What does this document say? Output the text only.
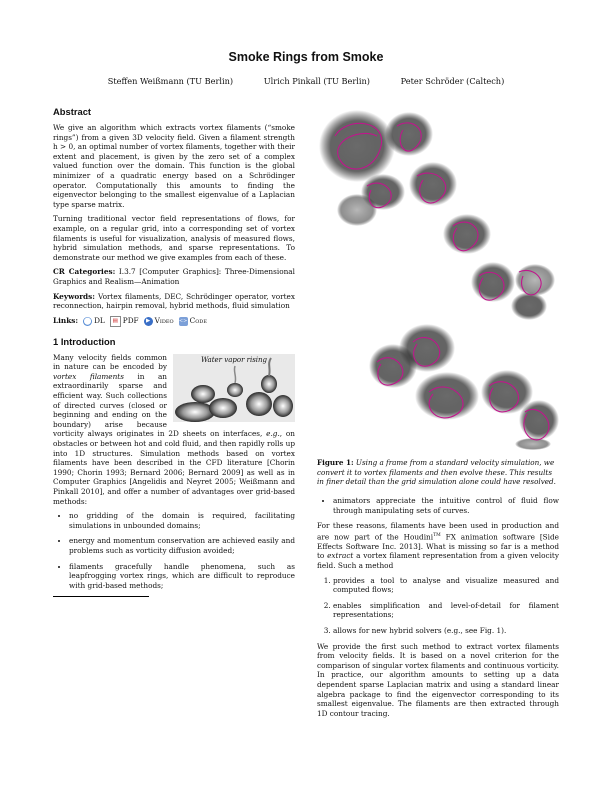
Smoke Rings from Smoke
Steffen Weißmann (TU Berlin)	Ulrich Pinkall (TU Berlin)	Peter Schröder (Caltech)
Abstract

We give an algorithm which extracts vortex filaments (“smoke rings”) from a given 3D velocity field. Given a filament strength h > 0, an optimal number of vortex filaments, together with their extent and placement, is given by the zero set of a complex valued function over the domain. This function is the global minimizer of a quadratic energy based on a Schrödinger operator. Computationally this amounts to finding the eigenvector belonging to the smallest eigenvalue of a Laplacian type sparse matrix.

Turning traditional vector field representations of flows, for example, on a regular grid, into a corresponding set of vortex filaments is useful for visualization, analysis of measured flows, hybrid simulation methods, and sparse representations. To demonstrate our method we give examples from each of these.

CR Categories: I.3.7 [Computer Graphics]: Three-Dimensional Graphics and Realism—Animation

Keywords: Vortex filaments, DEC, Schrödinger operator, vortex reconnection, hairpin removal, hybrid methods, fluid simulation

Links: ⬤ DL	▤ PDF	▶ Video <> Code
1 Introduction
Water vapor rising

Many velocity fields common in nature can be encoded by vortex filaments in an extraordinarily sparse and efficient way. Such collections of directed curves (closed or beginning and ending on the boundary) arise because vorticity always originates in 2D sheets on interfaces, e.g., on obstacles or between hot and cold fluid, and then rapidly rolls up into 1D structures. Simulation methods based on vortex filaments have been described in the CFD literature [Chorin 1990; Chorin 1993; Bernard 2006; Bernard 2009] as well as in Computer Graphics [Angelidis and Neyret 2005; Weißmann and Pinkall 2010], and offer a number of advantages over grid-based methods:

• no gridding of the domain is required, facilitating simulations in unbounded domains;
• energy and momentum conservation are achieved easily and problems such as vorticity diffusion avoided;
• filaments gracefully handle phenomena, such as leapfrogging vortex rings, which are difficult to reproduce with grid-based methods;
Figure 1: Using a frame from a standard velocity simulation, we convert it to vortex filaments and then evolve these. This results in finer detail than the grid simulation alone could have resolved.
• animators appreciate the intuitive control of fluid flow through manipulating sets of curves.

For these reasons, filaments have been used in production and are now part of the Houdini™ FX animation software [Side Effects Software Inc. 2013]. What is missing so far is a method to extract a vortex filament representation from a given velocity field. Such a method

1. provides a tool to analyse and visualize measured and computed flows;
2. enables simplification and level-of-detail for filament representations;
3. allows for new hybrid solvers (e.g., see Fig. 1).

We provide the first such method to extract vortex filaments from velocity fields. It is based on a novel criterion for the comparison of singular vortex filaments and continuous vorticity. In practice, our algorithm amounts to setting up a data dependent sparse Laplacian matrix and using a standard linear algebra package to find the eigenvector corresponding to its smallest eigenvalue. The filaments are then extracted through 1D contour tracing.
